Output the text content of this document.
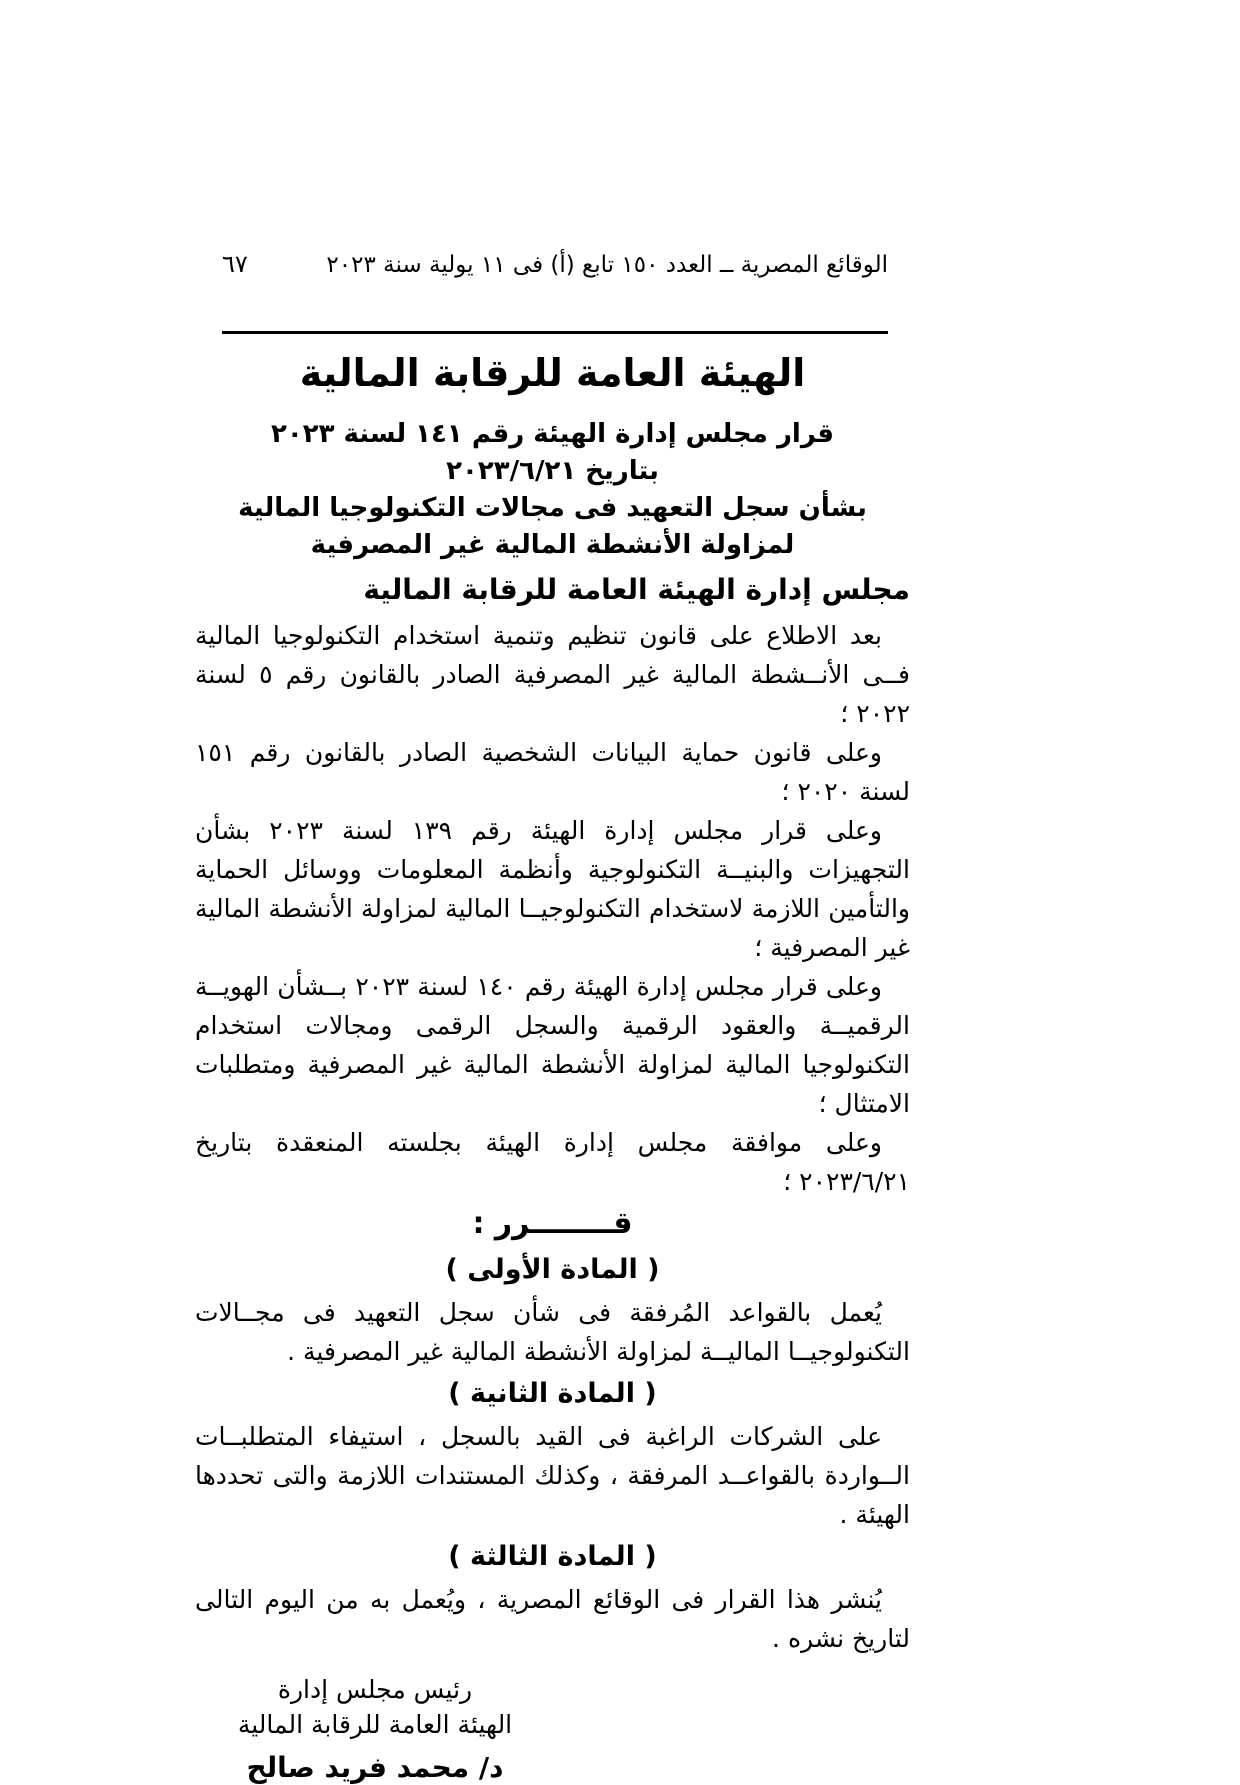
الوقائع المصرية ــ العدد ١٥٠ تابع (أ) فى ١١ يولية سنة ٢٠٢٣
٦٧
الهيئة العامة للرقابة المالية
قرار مجلس إدارة الهيئة رقم ١٤١ لسنة ٢٠٢٣
بتاريخ ٢٠٢٣/٦/٢١
بشأن سجل التعهيد فى مجالات التكنولوجيا المالية
لمزاولة الأنشطة المالية غير المصرفية
مجلس إدارة الهيئة العامة للرقابة المالية

بعد الاطلاع على قانون تنظيم وتنمية استخدام التكنولوجيا المالية فــى الأنــشطة المالية غير المصرفية الصادر بالقانون رقم ٥ لسنة ٢٠٢٢ ؛

وعلى قانون حماية البيانات الشخصية الصادر بالقانون رقم ١٥١ لسنة ٢٠٢٠ ؛

وعلى قرار مجلس إدارة الهيئة رقم ١٣٩ لسنة ٢٠٢٣ بشأن التجهيزات والبنيــة التكنولوجية وأنظمة المعلومات ووسائل الحماية والتأمين اللازمة لاستخدام التكنولوجيــا المالية لمزاولة الأنشطة المالية غير المصرفية ؛

وعلى قرار مجلس إدارة الهيئة رقم ١٤٠ لسنة ٢٠٢٣ بــشأن الهويــة الرقميــة والعقود الرقمية والسجل الرقمى ومجالات استخدام التكنولوجيا المالية لمزاولة الأنشطة المالية غير المصرفية ومتطلبات الامتثال ؛

وعلى موافقة مجلس إدارة الهيئة بجلسته المنعقدة بتاريخ ٢٠٢٣/٦/٢١ ؛

قــــــــرر :
( المادة الأولى )

يُعمل بالقواعد المُرفقة فى شأن سجل التعهيد فى مجــالات التكنولوجيــا الماليــة لمزاولة الأنشطة المالية غير المصرفية .

( المادة الثانية )

على الشركات الراغبة فى القيد بالسجل ، استيفاء المتطلبــات الــواردة بالقواعــد المرفقة ، وكذلك المستندات اللازمة والتى تحددها الهيئة .

( المادة الثالثة )

يُنشر هذا القرار فى الوقائع المصرية ، ويُعمل به من اليوم التالى لتاريخ نشره .

رئيس مجلس إدارة
الهيئة العامة للرقابة المالية
د/ محمد فريد صالح
